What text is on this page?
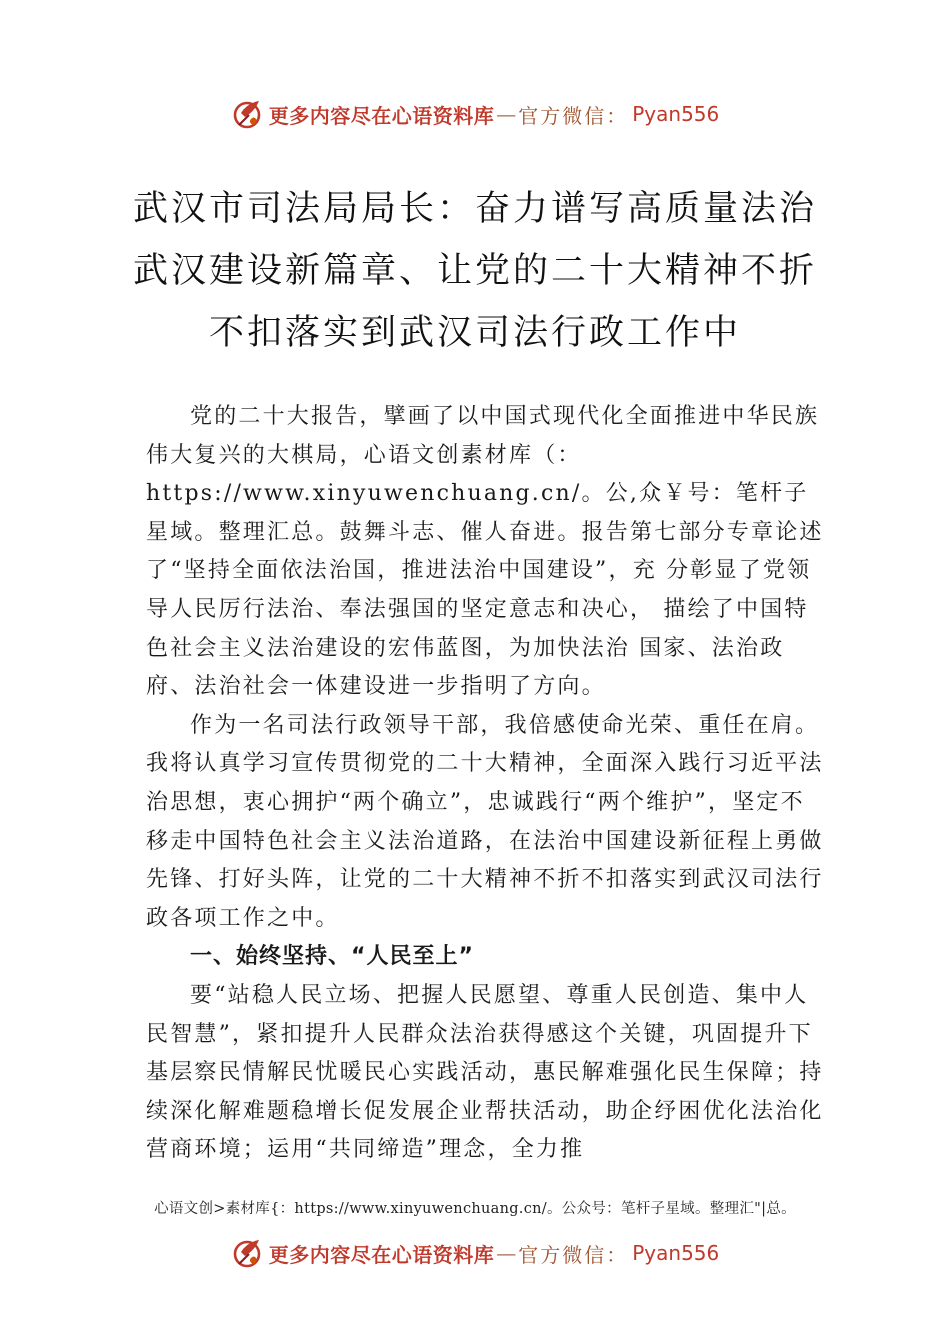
更多内容尽在心语资料库 — 官方微信： Pyan556
武汉市司法局局长：奋力谱写高质量法治
武汉建设新篇章、让党的二十大精神不折
不扣落实到武汉司法行政工作中

党的二十大报告，擘画了以中国式现代化全面推进中华民族伟大复兴的大棋局，心语文创素材库（：https://www.xinyuwenchuang.cn/。公,众￥号：笔杆子星域。整理汇总。鼓舞斗志、催人奋进。报告第七部分专章论述了“坚持全面依法治国，推进法治中国建设”，充 分彰显了党领导人民厉行法治、奉法强国的坚定意志和决心， 描绘了中国特色社会主义法治建设的宏伟蓝图，为加快法治 国家、法治政府、法治社会一体建设进一步指明了方向。

作为一名司法行政领导干部，我倍感使命光荣、重任在肩。我将认真学习宣传贯彻党的二十大精神，全面深入践行习近平法治思想，衷心拥护“两个确立”，忠诚践行“两个维护”，坚定不移走中国特色社会主义法治道路，在法治中国建设新征程上勇做先锋、打好头阵，让党的二十大精神不折不扣落实到武汉司法行政各项工作之中。

一、始终坚持、“人民至上”

要“站稳人民立场、把握人民愿望、尊重人民创造、集中人民智慧”，紧扣提升人民群众法治获得感这个关键，巩固提升下基层察民情解民忧暖民心实践活动，惠民解难强化民生保障；持续深化解难题稳增长促发展企业帮扶活动，助企纾困优化法治化营商环境；运用“共同缔造”理念，全力推

心语文创>素材库{：https://www.xinyuwenchuang.cn/。公众号：笔杆子星域。整理汇"|总。
更多内容尽在心语资料库 — 官方微信： Pyan556
